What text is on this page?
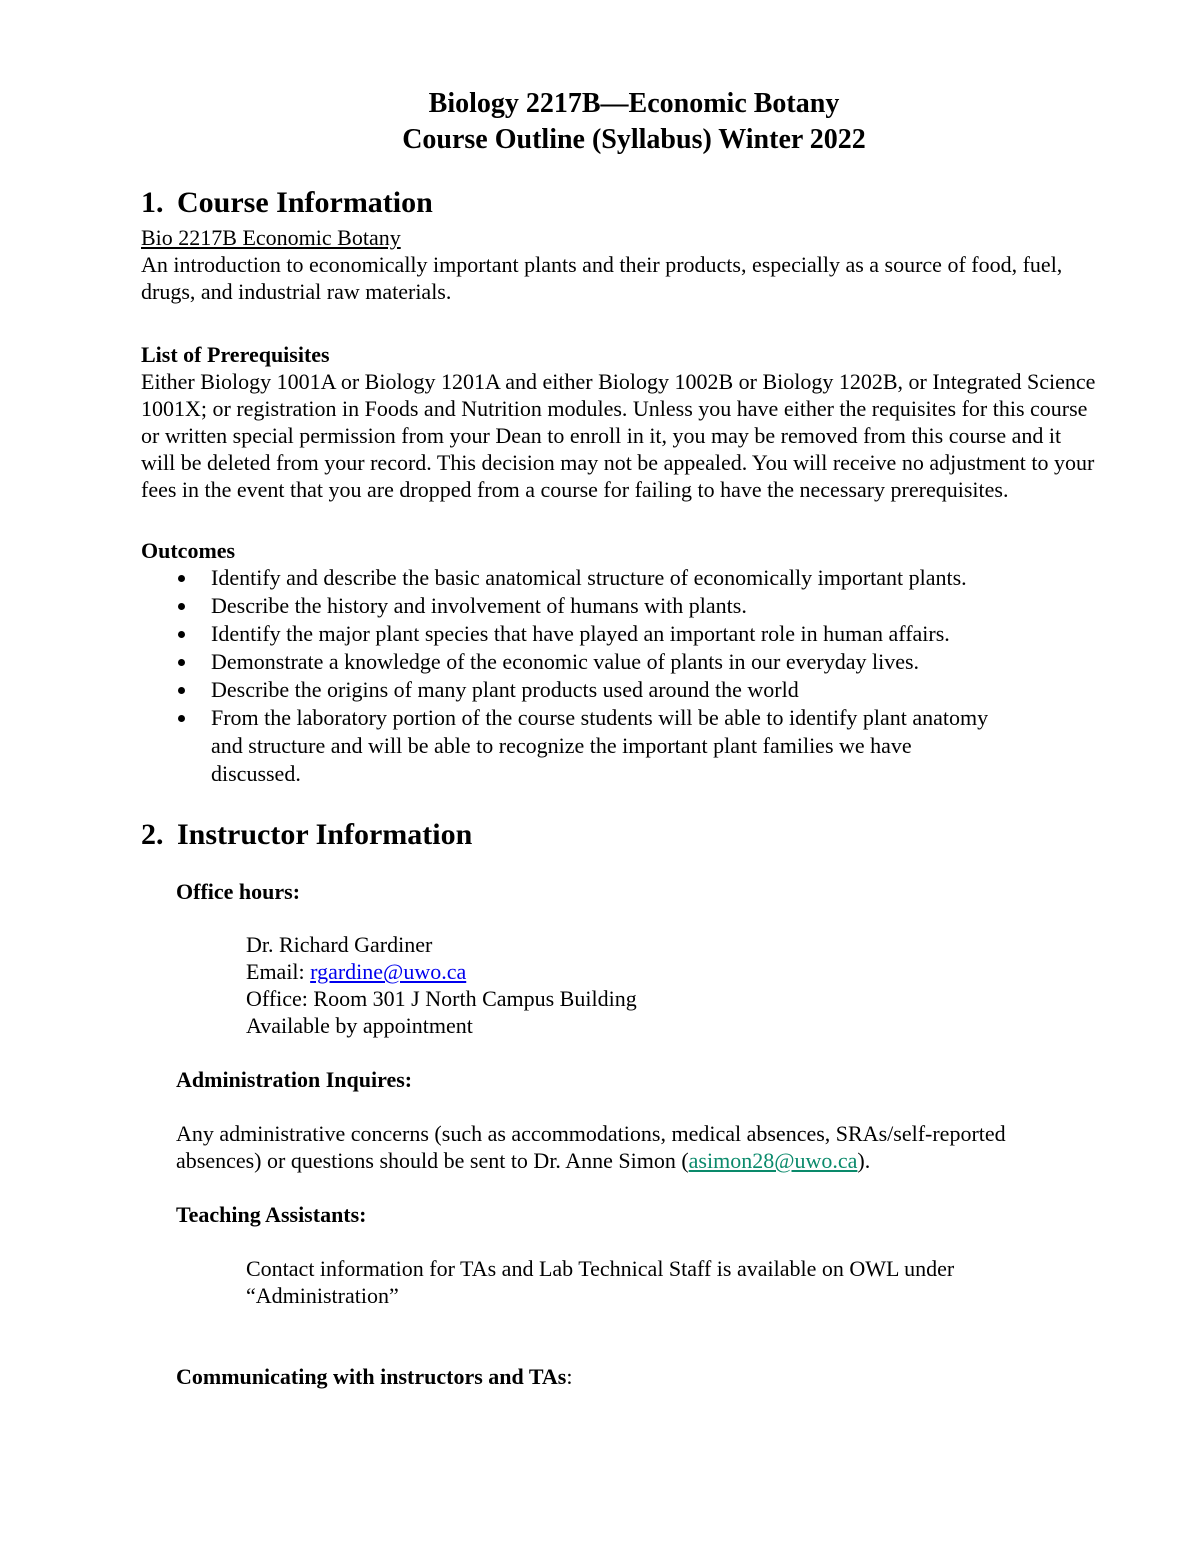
Biology 2217B—Economic Botany

Course Outline (Syllabus) Winter 2022

1. Course Information

Bio 2217B Economic Botany

An introduction to economically important plants and their products, especially as a source of food, fuel, drugs, and industrial raw materials.

List of Prerequisites

Either Biology 1001A or Biology 1201A and either Biology 1002B or Biology 1202B, or Integrated Science 1001X; or registration in Foods and Nutrition modules. Unless you have either the requisites for this course or written special permission from your Dean to enroll in it, you may be removed from this course and it will be deleted from your record. This decision may not be appealed. You will receive no adjustment to your fees in the event that you are dropped from a course for failing to have the necessary prerequisites.

Outcomes

Identify and describe the basic anatomical structure of economically important plants.
Describe the history and involvement of humans with plants.
Identify the major plant species that have played an important role in human affairs.
Demonstrate a knowledge of the economic value of plants in our everyday lives.
Describe the origins of many plant products used around the world
From the laboratory portion of the course students will be able to identify plant anatomy and structure and will be able to recognize the important plant families we have discussed.

2. Instructor Information

Office hours:

Dr. Richard Gardiner

Email: rgardine@uwo.ca

Office: Room 301 J North Campus Building

Available by appointment

Administration Inquires:

Any administrative concerns (such as accommodations, medical absences, SRAs/self-reported absences) or questions should be sent to Dr. Anne Simon (asimon28@uwo.ca).

Teaching Assistants:

Contact information for TAs and Lab Technical Staff is available on OWL under “Administration”

Communicating with instructors and TAs:
